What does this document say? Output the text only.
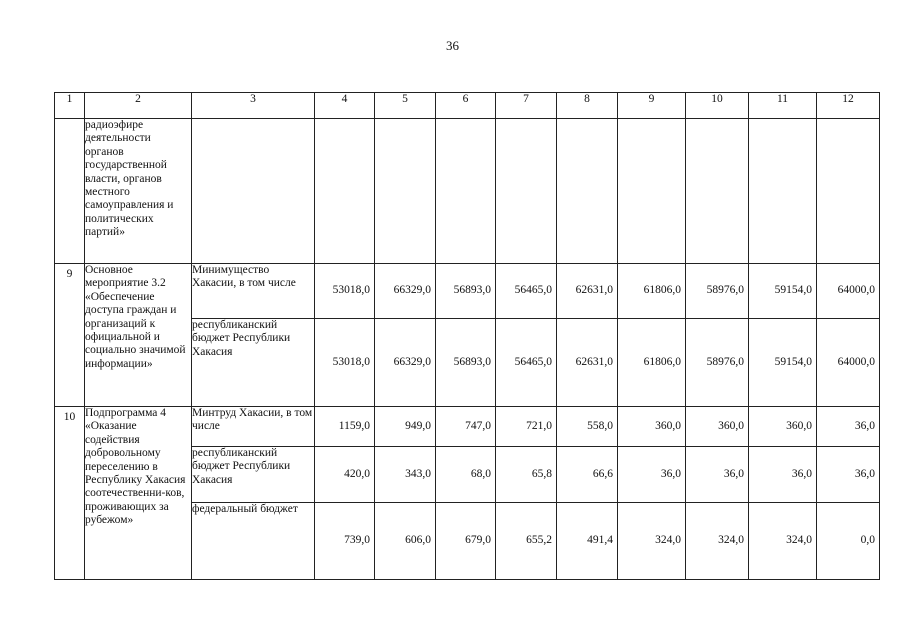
36
1	2	3	4	5	6	7	8	9	10	11	12
	радиоэфире деятельности органов государственной власти, органов местного самоуправления и политических партий»										
9	Основное мероприятие 3.2 «Обеспечение доступа граждан и организаций к официальной и социально значимой информации»	Минимущество Хакасии, в том числе	53018,0	66329,0	56893,0	56465,0	62631,0	61806,0	58976,0	59154,0	64000,0
		республиканский бюджет Республики Хакасия	53018,0	66329,0	56893,0	56465,0	62631,0	61806,0	58976,0	59154,0	64000,0
10	Подпрограмма 4 «Оказание содействия добровольному переселению в Республику Хакасия соотечественни-ков, проживающих за рубежом»	Минтруд Хакасии, в том числе	1159,0	949,0	747,0	721,0	558,0	360,0	360,0	360,0	36,0
		республиканский бюджет Республики Хакасия	420,0	343,0	68,0	65,8	66,6	36,0	36,0	36,0	36,0
		федеральный бюджет	739,0	606,0	679,0	655,2	491,4	324,0	324,0	324,0	0,0
